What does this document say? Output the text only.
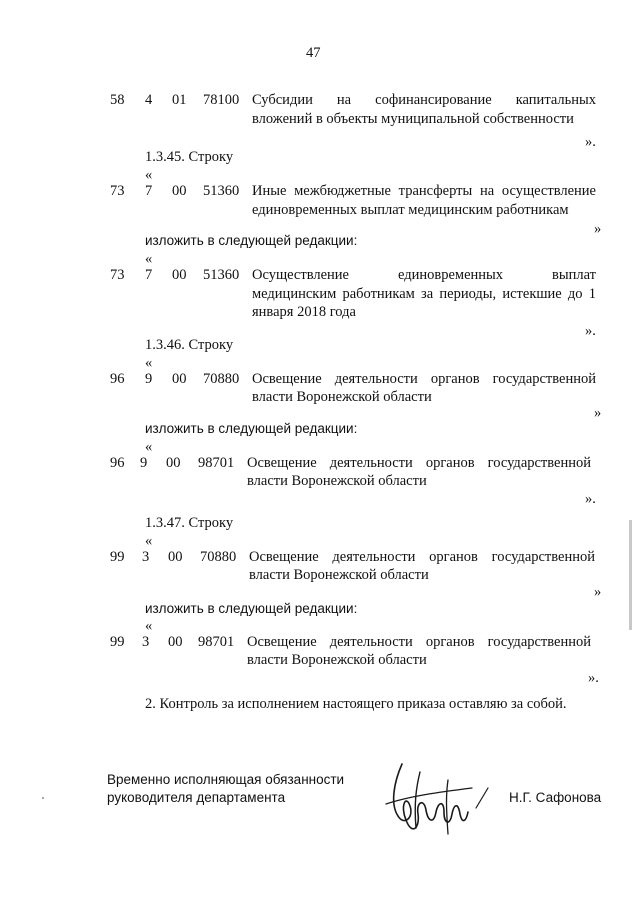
47
58 4 01 78100 Субсидии на софинансирование капитальных
вложений в объекты муниципальной собственности
».
1.3.45. Строку
«
73 7 00 51360 Иные межбюджетные трансферты на осуществление
единовременных выплат медицинским работникам
»
изложить в следующей редакции:
«
73 7 00 51360 Осуществление единовременных выплат
медицинским работникам за периоды, истекшие до 1
января 2018 года
».
1.3.46. Строку
«
96 9 00 70880 Освещение деятельности органов государственной
власти Воронежской области
»
изложить в следующей редакции:
«
96 9 00 98701 Освещение деятельности органов государственной
власти Воронежской области
».
1.3.47. Строку
«
99 3 00 70880 Освещение деятельности органов государственной
власти Воронежской области
»
изложить в следующей редакции:
«
99 3 00 98701 Освещение деятельности органов государственной
власти Воронежской области
».
2. Контроль за исполнением настоящего приказа оставляю за собой.
Временно исполняющая обязанности
руководителя департамента	Н.Г. Сафонова
